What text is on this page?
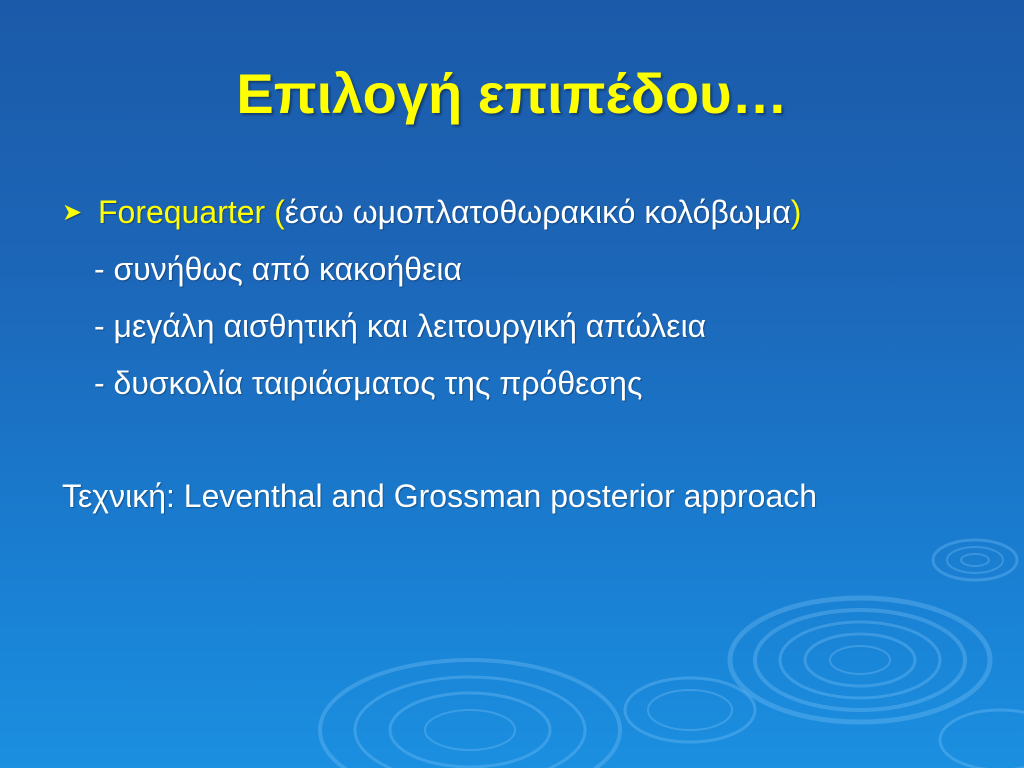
Επιλογή επιπέδου…
➤ Forequarter (έσω ωμοπλατοθωρακικό κολόβωμα)
- συνήθως από κακοήθεια
- μεγάλη αισθητική και λειτουργική απώλεια
- δυσκολία ταιριάσματος της πρόθεσης
Τεχνική: Leventhal and Grossman posterior approach
